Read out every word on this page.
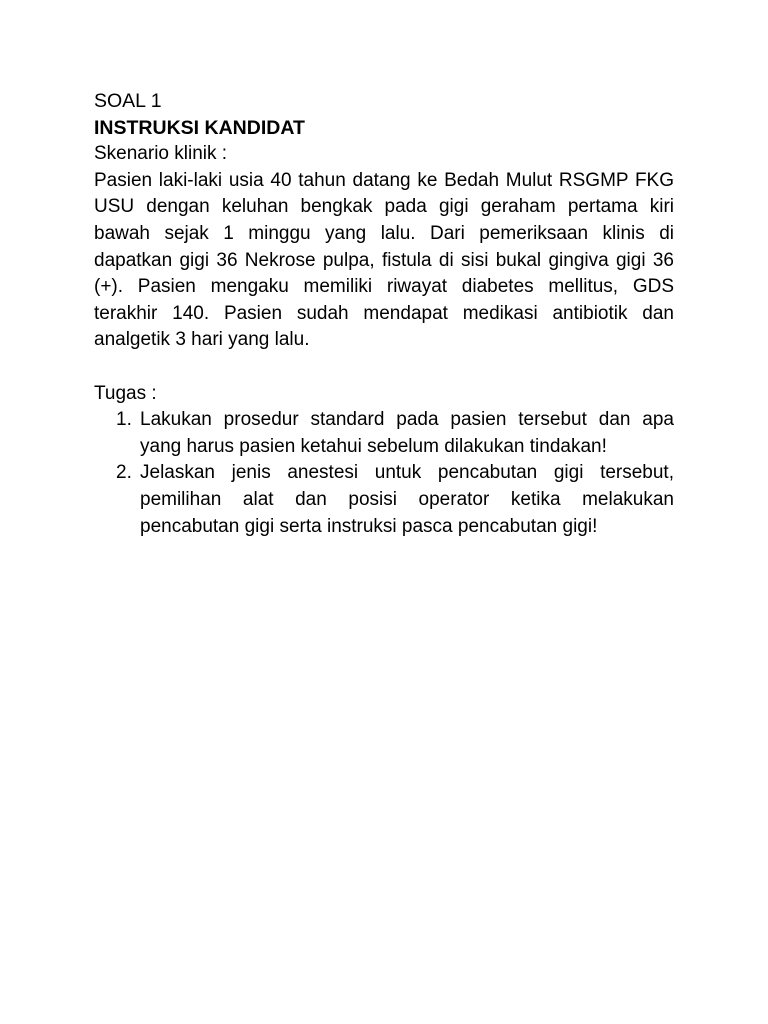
SOAL 1
INSTRUKSI KANDIDAT

Skenario klinik :

Pasien laki-laki usia 40 tahun datang ke Bedah Mulut RSGMP FKG USU dengan keluhan bengkak pada gigi geraham pertama kiri bawah sejak 1 minggu yang lalu. Dari pemeriksaan klinis di dapatkan gigi 36 Nekrose pulpa, fistula di sisi bukal gingiva gigi 36 (+). Pasien mengaku memiliki riwayat diabetes mellitus, GDS terakhir 140. Pasien sudah mendapat medikasi antibiotik dan analgetik 3 hari yang lalu.

Tugas :

1. Lakukan prosedur standard pada pasien tersebut dan apa yang harus pasien ketahui sebelum dilakukan tindakan!
2. Jelaskan jenis anestesi untuk pencabutan gigi tersebut, pemilihan alat dan posisi operator ketika melakukan pencabutan gigi serta instruksi pasca pencabutan gigi!
